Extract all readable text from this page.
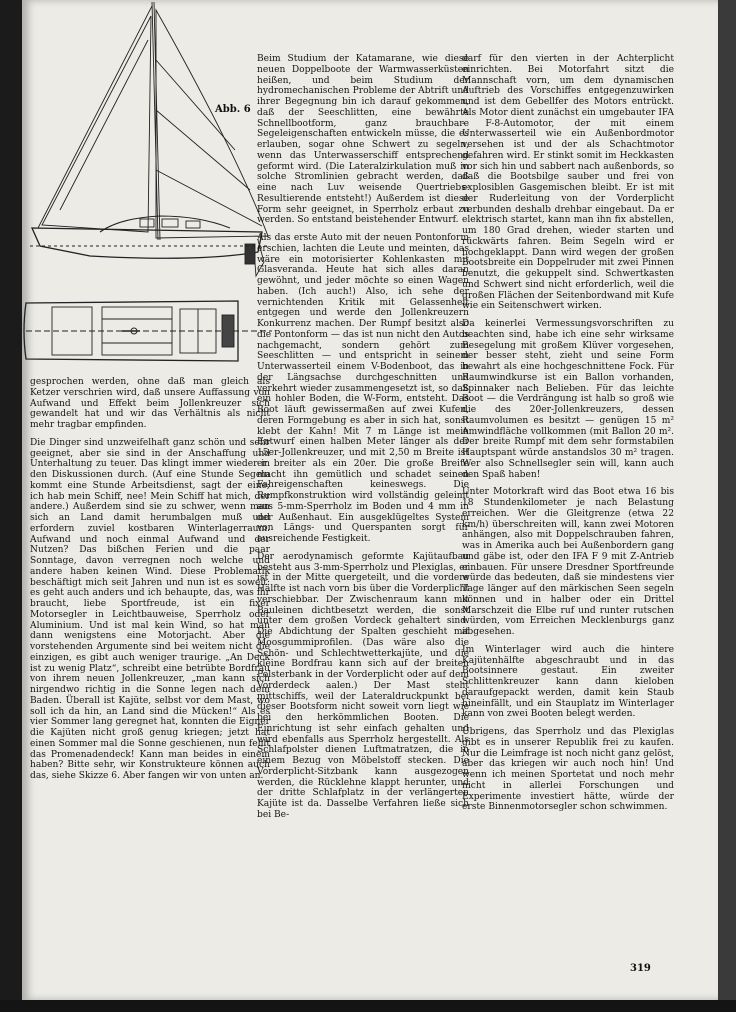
Abb. 6

gesprochen werden, ohne daß man gleich als Ketzer verschrien wird, daß unsere Auffassung von Aufwand und Effekt beim Jollenkreuzer sich gewandelt hat und wir das Verhältnis als nicht mehr tragbar empfinden.

Die Dinger sind unzweifelhaft ganz schön und sehr geeignet, aber sie sind in der Anschaffung und Unterhaltung zu teuer. Das klingt immer wieder in den Diskussionen durch. (Auf eine Stunde Segeln kommt eine Stunde Arbeitsdienst, sagt der eine; ich hab mein Schiff, nee! Mein Schiff hat mich, der andere.) Außerdem sind sie zu schwer, wenn man sich an Land damit herumbalgen muß und erfordern zuviel kostbaren Winterlagerraum. Aufwand und noch einmal Aufwand und der Nutzen? Das bißchen Ferien und die paar Sonntage, davon verregnen noch welche und andere haben keinen Wind. Diese Problematik beschäftigt mich seit Jahren und nun ist es soweit: es geht auch anders und ich behaupte, das, was ihr braucht, liebe Sportfreude, ist ein fixer Motorsegler in Leichtbauweise, Sperrholz oder Aluminium. Und ist mal kein Wind, so hat man dann wenigstens eine Motorjacht. Aber die vorstehenden Argumente sind bei weitem nicht die einzigen, es gibt auch weniger traurige. „An Deck ist zu wenig Platz“, schreibt eine betrübte Bordfrau von ihrem neuen Jollenkreuzer, „man kann sich nirgendwo richtig in die Sonne legen nach dem Baden. Überall ist Kajüte, selbst vor dem Mast, wo soll ich da hin, an Land sind die Mücken!“ Als es vier Sommer lang geregnet hat, konnten die Eigner die Kajüten nicht groß genug kriegen; jetzt hat einen Sommer mal die Sonne geschienen, nun fehlt das Promenadendeck! Kann man beides in einem haben? Bitte sehr, wir Konstrukteure können auch das, siehe Skizze 6. Aber fangen wir von unten an.

Beim Studium der Katamarane, wie diese neuen Doppelboote der Warmwasserküsten heißen, und beim Studium der hydromechanischen Probleme der Abtrift und ihrer Begegnung bin ich darauf gekommen, daß der Seeschlitten, eine bewährte Schnellbootform, ganz brauchbare Segeleigenschaften entwickeln müsse, die es erlauben, sogar ohne Schwert zu segeln, wenn das Unterwasserschiff entsprechend geformt wird. (Die Lateralzirkulation muß in solche Stromlinien gebracht werden, daß eine nach Luv weisende Quertriebs-Resultierende entsteht!) Außerdem ist diese Form sehr geeignet, in Sperrholz erbaut zu werden. So entstand beistehender Entwurf.

Als das erste Auto mit der neuen Pontonform erschien, lachten die Leute und meinten, das wäre ein motorisierter Kohlenkasten mit Glasveranda. Heute hat sich alles daran gewöhnt, und jeder möchte so einen Wagen haben. (Ich auch!) Also, ich sehe der vernichtenden Kritik mit Gelassenheit entgegen und werde den Jollenkreuzern Konkurrenz machen. Der Rumpf besitzt also die Pontonform — das ist nun nicht den Autos nachgemacht, sondern gehört zum Seeschlitten — und entspricht in seinem Unterwasserteil einem V-Bodenboot, das in der Längsachse durchgeschnitten und verkehrt wieder zusammengesetzt ist, so daß ein hohler Boden, die W-Form, entsteht. Das Boot läuft gewissermaßen auf zwei Kufen, deren Formgebung es aber in sich hat, sonst klebt der Kahn! Mit 7 m Länge ist mein Entwurf einen halben Meter länger als der 15er-Jollenkreuzer, und mit 2,50 m Breite ist er breiter als ein 20er. Die große Breite macht ihn gemütlich und schadet seinen Fahreigenschaften keineswegs. Die Rumpfkonstruktion wird vollständig geleimt aus 5-mm-Sperrholz im Boden und 4 mm in der Außenhaut. Ein ausgeklügeltes System von Längs- und Querspanten sorgt für ausreichende Festigkeit.

Der aerodynamisch geformte Kajütaufbau besteht aus 3-mm-Sperrholz und Plexiglas, er ist in der Mitte quergeteilt, und die vordere Hälfte ist nach vorn bis über die Vorderplicht verschiebbar. Der Zwischenraum kann mit Bauleinen dichtbesetzt werden, die sonst unter dem großen Vordeck gehaltert sind. Die Abdichtung der Spalten geschieht mit Moosgummiprofilen. (Das wäre also die Schön- und Schlechtwetterkajüte, und die kleine Bordfrau kann sich auf der breiten Polsterbank in der Vorderplicht oder auf dem Vorderdeck aalen.) Der Mast steht mittschiffs, weil der Lateraldruckpunkt bei dieser Bootsform nicht soweit vorn liegt wie bei den herkömmlichen Booten. Die Einrichtung ist sehr einfach gehalten und wird ebenfalls aus Sperrholz hergestellt. Als Schlafpolster dienen Luftmatratzen, die in einem Bezug von Möbelstoff stecken. Die Vorderplicht-Sitzbank kann ausgezogen werden, die Rücklehne klappt herunter, und der dritte Schlafplatz in der verlängerten Kajüte ist da. Dasselbe Verfahren ließe sich bei Be-

darf für den vierten in der Achterplicht einrichten. Bei Motorfahrt sitzt die Mannschaft vorn, um dem dynamischen Auftrieb des Vorschiffes entgegenzuwirken und ist dem Gebellfer des Motors entrückt. Als Motor dient zunächst ein umgebauter IFA - F-8-Automotor, der mit einem Unterwasserteil wie ein Außenbordmotor versehen ist und der als Schachtmotor gefahren wird. Er stinkt somit im Heckkasten vor sich hin und sabbert nach außenbords, so daß die Bootsbilge sauber und frei von explosiblen Gasgemischen bleibt. Er ist mit der Ruderleitung von der Vorderplicht verbunden deshalb drehbar eingebaut. Da er elektrisch startet, kann man ihn fix abstellen, um 180 Grad drehen, wieder starten und rückwärts fahren. Beim Segeln wird er hochgeklappt. Dann wird wegen der großen Bootsbreite ein Doppelruder mit zwei Pinnen benutzt, die gekuppelt sind. Schwertkasten und Schwert sind nicht erforderlich, weil die großen Flächen der Seitenbordwand mit Kufe wie ein Seitenschwert wirken.

Da keinerlei Vermessungsvorschriften zu beachten sind, habe ich eine sehr wirksame Besegelung mit großem Klüver vorgesehen, der besser steht, zieht und seine Form bewahrt als eine hochgeschnittene Fock. Für Raumwindkurse ist ein Ballon vorhanden, Spinnaker nach Belieben. Für das leichte Boot — die Verdrängung ist halb so groß wie die des 20er-Jollenkreuzers, dessen Raumvolumen es besitzt — genügen 15 m² Amwindfläche vollkommen (mit Ballon 20 m². Der breite Rumpf mit dem sehr formstabilen Hauptspant würde anstandslos 30 m² tragen. Wer also Schnellsegler sein will, kann auch den Spaß haben!

Unter Motorkraft wird das Boot etwa 16 bis 18 Stundenkilometer je nach Belastung erreichen. Wer die Gleitgrenze (etwa 22 km/h) überschreiten will, kann zwei Motoren anhängen, also mit Doppelschrauben fahren, was in Amerika auch bei Außenbordern gang und gäbe ist, oder den IFA F 9 mit Z-Antrieb einbauen. Für unsere Dresdner Sportfreunde würde das bedeuten, daß sie mindestens vier Tage länger auf den märkischen Seen segeln können und in halber oder ein Drittel Marschzeit die Elbe ruf und runter rutschen würden, vom Erreichen Mecklenburgs ganz abgesehen.

Im Winterlager wird auch die hintere Kajütenhälfte abgeschraubt und in das Bootsinnere gestaut. Ein zweiter Schlittenkreuzer kann dann kieloben daraufgepackt werden, damit kein Staub hineinfällt, und ein Stauplatz im Winterlager kann von zwei Booten belegt werden.

Übrigens, das Sperrholz und das Plexiglas gibt es in unserer Republik frei zu kaufen. Nur die Leimfrage ist noch nicht ganz gelöst, aber das kriegen wir auch noch hin! Und wenn ich meinen Sportetat und noch mehr nicht in allerlei Forschungen und Experimente investiert hätte, würde der erste Binnenmotorsegler schon schwimmen.

319
